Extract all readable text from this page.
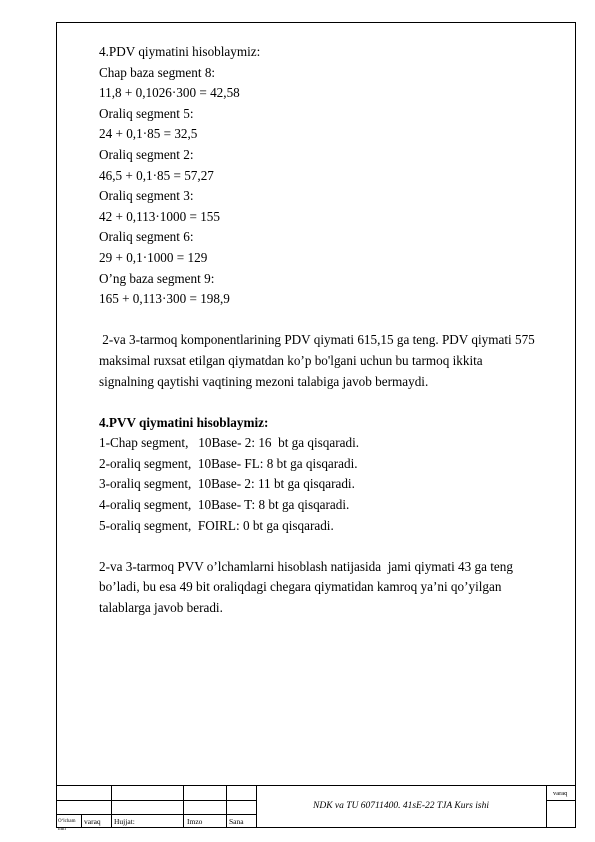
4.PDV qiymatini hisoblaymiz:

Chap baza segment 8:

11,8 + 0,1026·300 = 42,58

Oraliq segment 5:

24 + 0,1·85 = 32,5

Oraliq segment 2:

46,5 + 0,1·85 = 57,27

Oraliq segment 3:

42 + 0,113·1000 = 155

Oraliq segment 6:

29 + 0,1·1000 = 129

O’ng baza segment 9:

165 + 0,113·300 = 198,9

2-va 3-tarmoq komponentlarining PDV qiymati 615,15 ga teng. PDV qiymati 575

maksimal ruxsat etilgan qiymatdan ko’p bo'lgani uchun bu tarmoq ikkita

signalning qaytishi vaqtining mezoni talabiga javob bermaydi.

4.PVV qiymatini hisoblaymiz:

1-Chap segment,   10Base- 2: 16  bt ga qisqaradi.

2-oraliq segment,  10Base- FL: 8 bt ga qisqaradi.

3-oraliq segment,  10Base- 2: 11 bt ga qisqaradi.

4-oraliq segment,  10Base- T: 8 bt ga qisqaradi.

5-oraliq segment,  FOIRL: 0 bt ga qisqaradi.

2-va 3-tarmoq PVV o’lchamlarni hisoblash natijasida  jami qiymati 43 ga teng

bo’ladi, bu esa 49 bit oraliqdagi chegara qiymatidan kamroq ya’ni qo’yilgan

talablarga javob beradi.

O‘lcham
mm
varaq Hujjat:	Imzo	Sana
NDK va TU 60711400. 41sE-22 TJA Kurs ishi
varaq
